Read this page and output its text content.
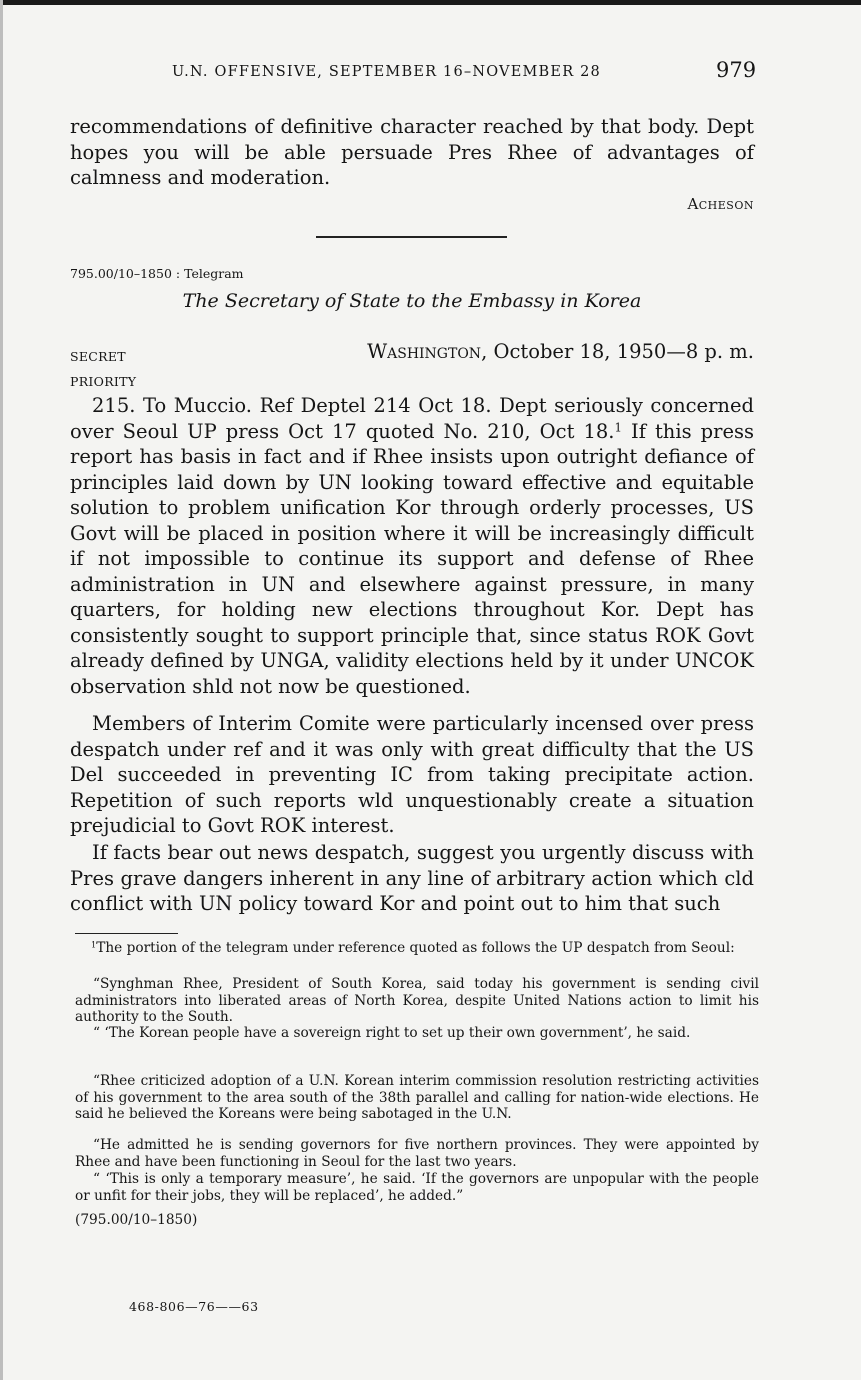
U.N. OFFENSIVE, SEPTEMBER 16–NOVEMBER 28	979

recommendations of definitive character reached by that body. Dept hopes you will be able persuade Pres Rhee of advantages of calmness and moderation.

Acheson
795.00/10–1850 : Telegram
The Secretary of State to the Embassy in Korea
SECRET
PRIORITY
Washington, October 18, 1950—8 p. m.

215. To Muccio. Ref Deptel 214 Oct 18. Dept seriously concerned over Seoul UP press Oct 17 quoted No. 210, Oct 18.$^1$ If this press report has basis in fact and if Rhee insists upon outright defiance of principles laid down by UN looking toward effective and equitable solution to problem unification Kor through orderly processes, US Govt will be placed in position where it will be increasingly difficult if not impossible to continue its support and defense of Rhee administration in UN and elsewhere against pressure, in many quarters, for holding new elections throughout Kor. Dept has consistently sought to support principle that, since status ROK Govt already defined by UNGA, validity elections held by it under UNCOK observation shld not now be questioned.

Members of Interim Comite were particularly incensed over press despatch under ref and it was only with great difficulty that the US Del succeeded in preventing IC from taking precipitate action. Repetition of such reports wld unquestionably create a situation prejudicial to Govt ROK interest.

If facts bear out news despatch, suggest you urgently discuss with Pres grave dangers inherent in any line of arbitrary action which cld conflict with UN policy toward Kor and point out to him that such

$^1$The portion of the telegram under reference quoted as follows the UP despatch from Seoul:

“Synghman Rhee, President of South Korea, said today his government is sending civil administrators into liberated areas of North Korea, despite United Nations action to limit his authority to the South.

“ ‘The Korean people have a sovereign right to set up their own government’, he said.

“Rhee criticized adoption of a U.N. Korean interim commission resolution restricting activities of his government to the area south of the 38th parallel and calling for nation-wide elections. He said he believed the Koreans were being sabotaged in the U.N.

“He admitted he is sending governors for five northern provinces. They were appointed by Rhee and have been functioning in Seoul for the last two years.

“ ‘This is only a temporary measure’, he said. ‘If the governors are unpopular with the people or unfit for their jobs, they will be replaced’, he added.”

(795.00/10–1850)

468-806—76——63
